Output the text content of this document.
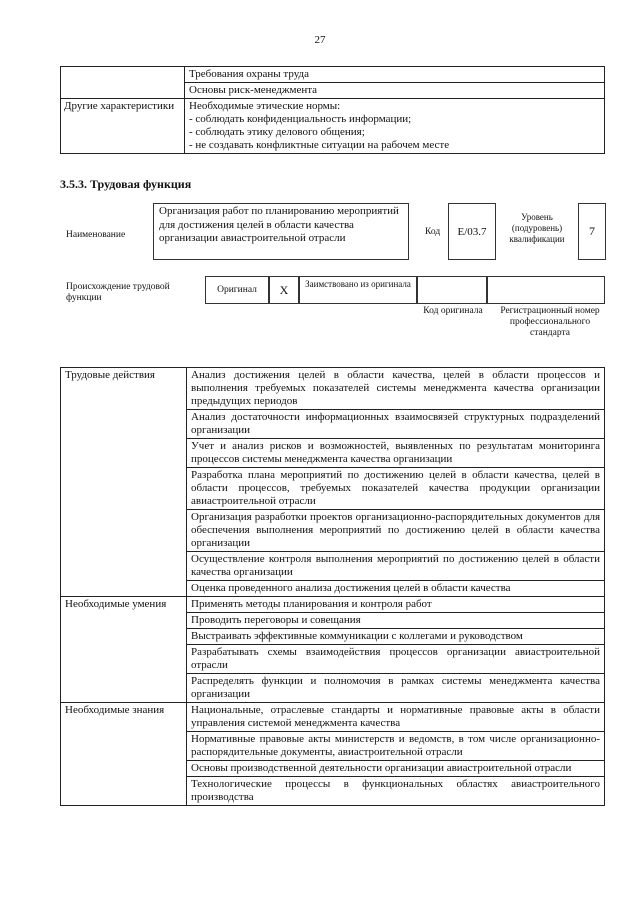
27
	Требования охраны труда
	Основы риск-менеджмента
Другие характеристики	Необходимые этические нормы:
- соблюдать конфиденциальность информации;
- соблюдать этику делового общения;
- не создавать конфликтные ситуации на рабочем месте
3.5.3. Трудовая функция
Наименование
Организация работ по планированию мероприятий для достижения целей в области качества организации авиастроительной отрасли	Код	E/03.7
Уровень (подуровень) квалификации
7
Происхождение трудовой функции
Оригинал	X	Заимствовано из оригинала
Код оригинала	Регистрационный номер профессионального стандарта
Трудовые действия	Анализ достижения целей в области качества, целей в области процессов и выполнения требуемых показателей системы менеджмента качества организации предыдущих периодов
	Анализ достаточности информационных взаимосвязей структурных подразделений организации
	Учет и анализ рисков и возможностей, выявленных по результатам мониторинга процессов системы менеджмента качества организации
	Разработка плана мероприятий по достижению целей в области качества, целей в области процессов, требуемых показателей качества продукции организации авиастроительной отрасли
	Организация разработки проектов организационно-распорядительных документов для обеспечения выполнения мероприятий по достижению целей в области качества организации
	Осуществление контроля выполнения мероприятий по достижению целей в области качества организации
	Оценка проведенного анализа достижения целей в области качества
Необходимые умения	Применять методы планирования и контроля работ
	Проводить переговоры и совещания
	Выстраивать эффективные коммуникации с коллегами и руководством
	Разрабатывать схемы взаимодействия процессов организации авиастроительной отрасли
	Распределять функции и полномочия в рамках системы менеджмента качества организации
Необходимые знания	Национальные, отраслевые стандарты и нормативные правовые акты в области управления системой менеджмента качества
	Нормативные правовые акты министерств и ведомств, в том числе организационно-распорядительные документы, авиастроительной отрасли
	Основы производственной деятельности организации авиастроительной отрасли
	Технологические процессы в функциональных областях авиастроительного производства
